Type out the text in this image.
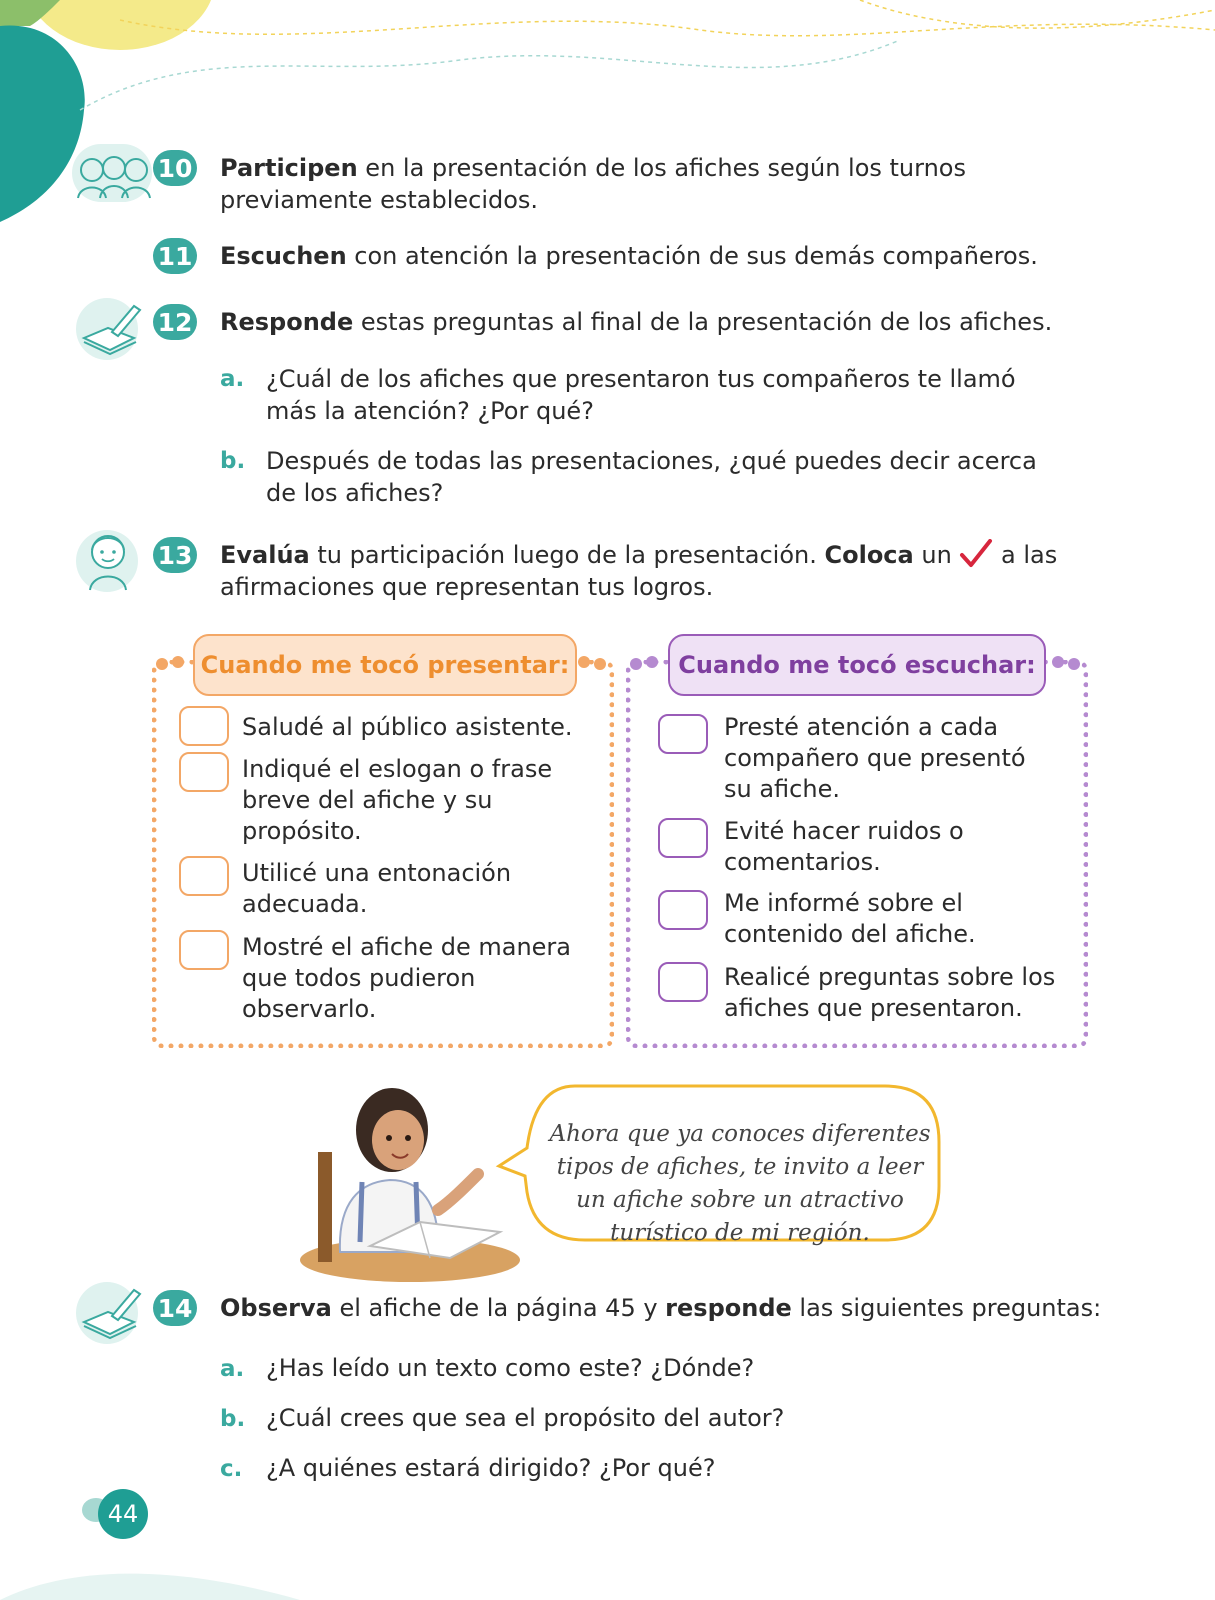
10 Participen en la presentación de los afiches según los turnos
previamente establecidos.
11 Escuchen con atención la presentación de sus demás compañeros.
12 Responde estas preguntas al final de la presentación de los afiches.
a. ¿Cuál de los afiches que presentaron tus compañeros te llamó
más la atención? ¿Por qué?
b. Después de todas las presentaciones, ¿qué puedes decir acerca
de los afiches?
13 Evalúa tu participación luego de la presentación. Coloca un  a las
afirmaciones que representan tus logros.
Cuando me tocó presentar:
Saludé al público asistente.
Indiqué el eslogan o frase
breve del afiche y su
propósito.
Utilicé una entonación
adecuada.
Mostré el afiche de manera
que todos pudieron
observarlo.
Cuando me tocó escuchar:
Presté atención a cada
compañero que presentó
su afiche.
Evité hacer ruidos o
comentarios.
Me informé sobre el
contenido del afiche.
Realicé preguntas sobre los
afiches que presentaron.
Ahora que ya conoces diferentes
tipos de afiches, te invito a leer
un afiche sobre un atractivo
turístico de mi región.
14 Observa el afiche de la página 45 y responde las siguientes preguntas:
a. ¿Has leído un texto como este? ¿Dónde?
b. ¿Cuál crees que sea el propósito del autor?
c. ¿A quiénes estará dirigido? ¿Por qué?
44
